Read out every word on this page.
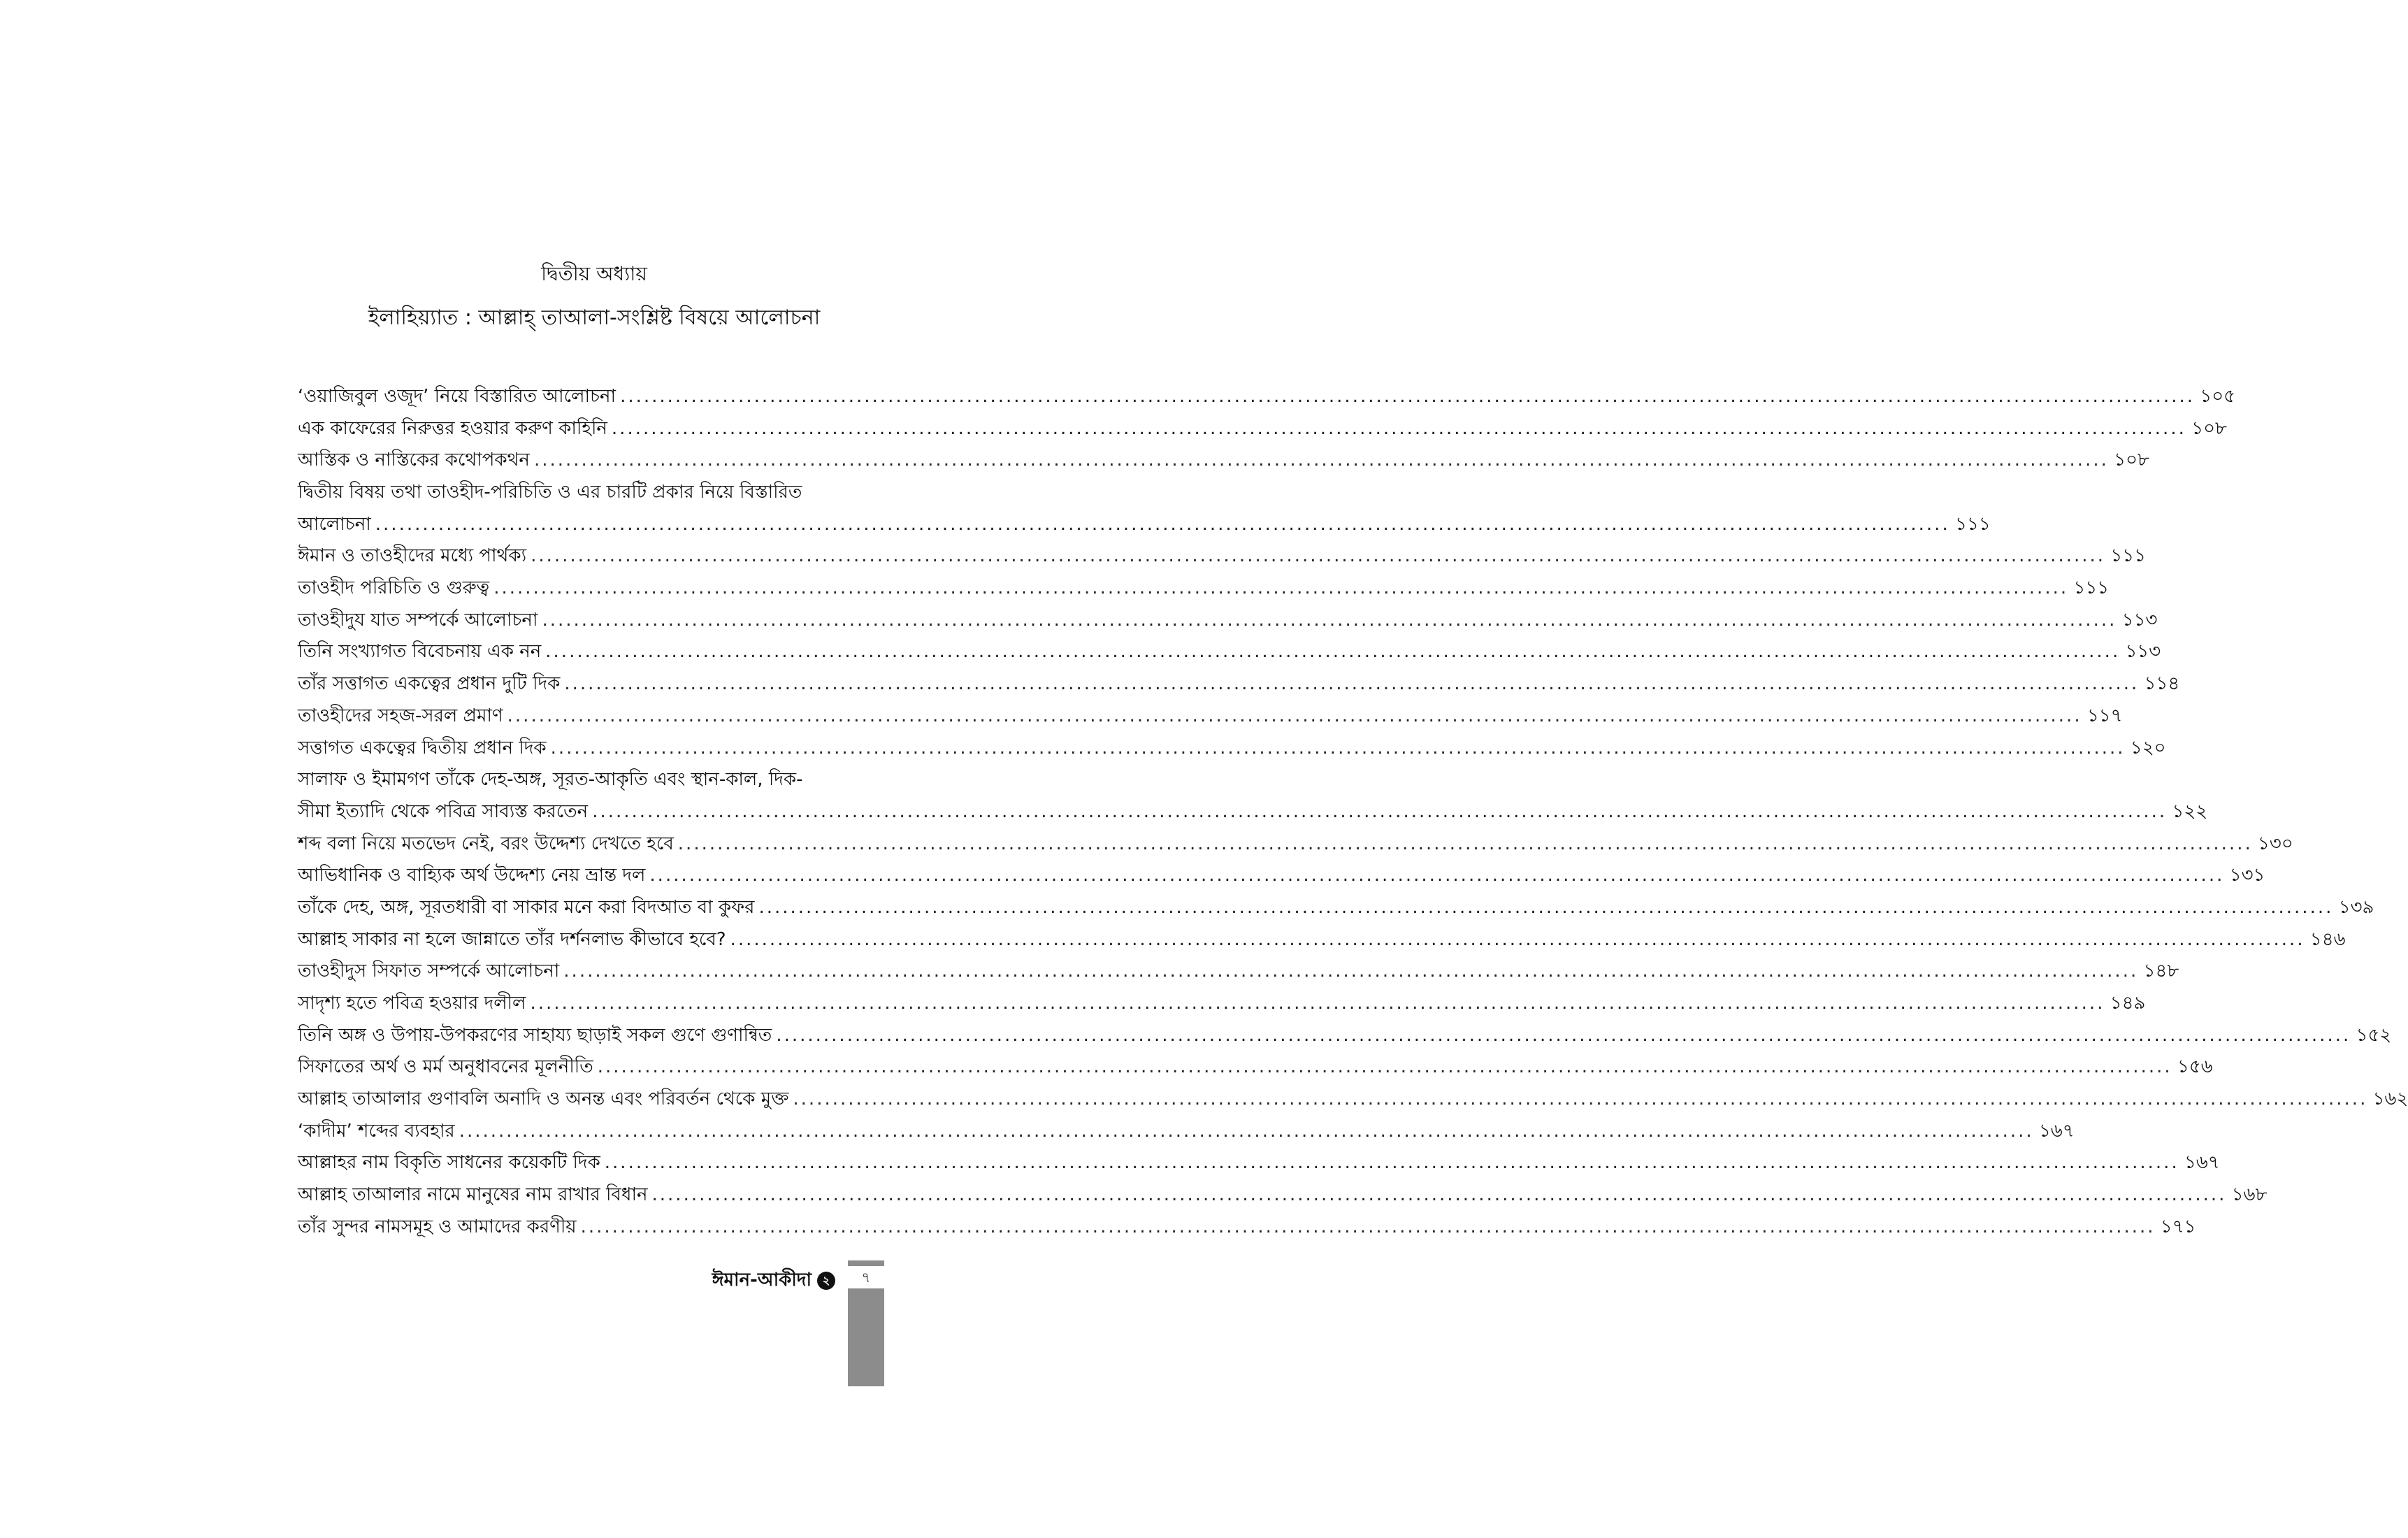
দ্বিতীয় অধ্যায়
ইলাহিয়্যাত : আল্লাহ্ তাআলা-সংশ্লিষ্ট বিষয়ে আলোচনা
‘ওয়াজিবুল ওজূদ’ নিয়ে বিস্তারিত আলোচনা ........................................................................................................................................................................................................ ১০৫
এক কাফেরের নিরুত্তর হওয়ার করুণ কাহিনি ........................................................................................................................................................................................................ ১০৮
আস্তিক ও নাস্তিকের কথোপকথন ........................................................................................................................................................................................................ ১০৮
দ্বিতীয় বিষয় তথা তাওহীদ-পরিচিতি ও এর চারটি প্রকার নিয়ে বিস্তারিত
আলোচনা ........................................................................................................................................................................................................ ১১১
ঈমান ও তাওহীদের মধ্যে পার্থক্য ........................................................................................................................................................................................................ ১১১
তাওহীদ পরিচিতি ও গুরুত্ব ........................................................................................................................................................................................................ ১১১
তাওহীদুয যাত সম্পর্কে আলোচনা ........................................................................................................................................................................................................ ১১৩
তিনি সংখ্যাগত বিবেচনায় এক নন ........................................................................................................................................................................................................ ১১৩
তাঁর সত্তাগত একত্বের প্রধান দুটি দিক ........................................................................................................................................................................................................ ১১৪
তাওহীদের সহজ-সরল প্রমাণ ........................................................................................................................................................................................................ ১১৭
সত্তাগত একত্বের দ্বিতীয় প্রধান দিক ........................................................................................................................................................................................................ ১২০
সালাফ ও ইমামগণ তাঁকে দেহ-অঙ্গ, সূরত-আকৃতি এবং স্থান-কাল, দিক-
সীমা ইত্যাদি থেকে পবিত্র সাব্যস্ত করতেন ........................................................................................................................................................................................................ ১২২
শব্দ বলা নিয়ে মতভেদ নেই, বরং উদ্দেশ্য দেখতে হবে ........................................................................................................................................................................................................ ১৩০
আভিধানিক ও বাহ্যিক অর্থ উদ্দেশ্য নেয় ভ্রান্ত দল ........................................................................................................................................................................................................ ১৩১
তাঁকে দেহ, অঙ্গ, সূরতধারী বা সাকার মনে করা বিদআত বা কুফর ........................................................................................................................................................................................................ ১৩৯
আল্লাহ সাকার না হলে জান্নাতে তাঁর দর্শনলাভ কীভাবে হবে? ........................................................................................................................................................................................................ ১৪৬
তাওহীদুস সিফাত সম্পর্কে আলোচনা ........................................................................................................................................................................................................ ১৪৮
সাদৃশ্য হতে পবিত্র হওয়ার দলীল ........................................................................................................................................................................................................ ১৪৯
তিনি অঙ্গ ও উপায়-উপকরণের সাহায্য ছাড়াই সকল গুণে গুণান্বিত ........................................................................................................................................................................................................ ১৫২
সিফাতের অর্থ ও মর্ম অনুধাবনের মূলনীতি ........................................................................................................................................................................................................ ১৫৬
আল্লাহ তাআলার গুণাবলি অনাদি ও অনন্ত এবং পরিবর্তন থেকে মুক্ত ........................................................................................................................................................................................................ ১৬২
‘কাদীম’ শব্দের ব্যবহার ........................................................................................................................................................................................................ ১৬৭
আল্লাহর নাম বিকৃতি সাধনের কয়েকটি দিক ........................................................................................................................................................................................................ ১৬৭
আল্লাহ তাআলার নামে মানুষের নাম রাখার বিধান ........................................................................................................................................................................................................ ১৬৮
তাঁর সুন্দর নামসমূহ ও আমাদের করণীয় ........................................................................................................................................................................................................ ১৭১
ঈমান-আকীদা ২	৭
